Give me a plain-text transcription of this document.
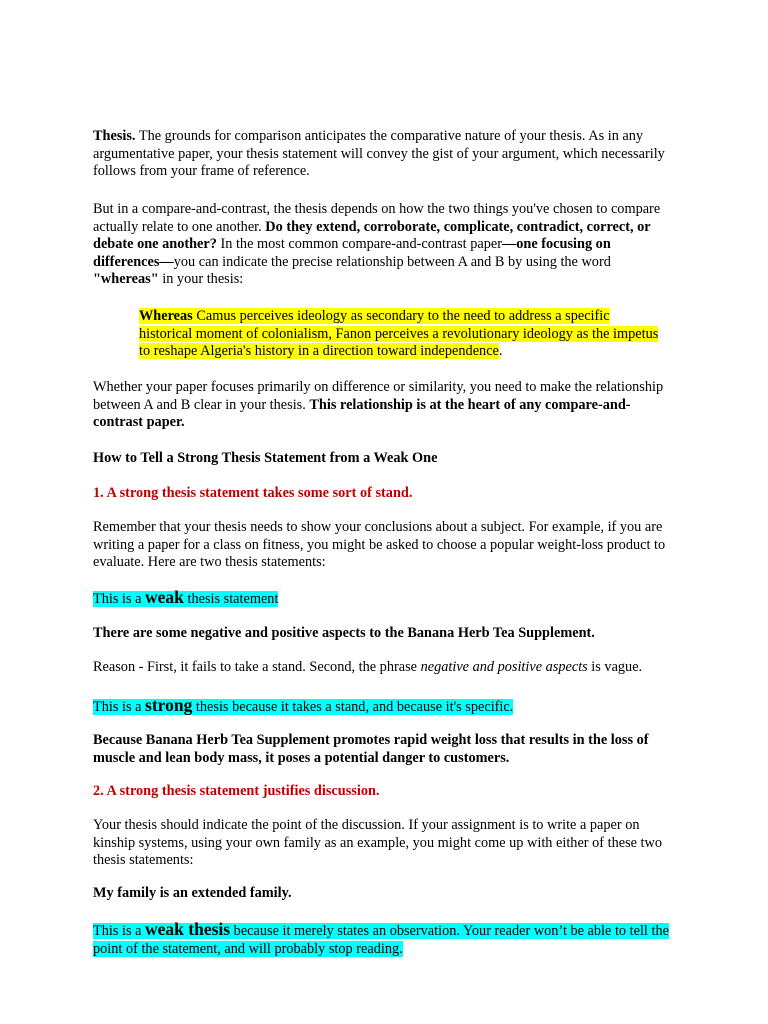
Thesis. The grounds for comparison anticipates the comparative nature of your thesis. As in any argumentative paper, your thesis statement will convey the gist of your argument, which necessarily follows from your frame of reference.

But in a compare-and-contrast, the thesis depends on how the two things you've chosen to compare actually relate to one another. Do they extend, corroborate, complicate, contradict, correct, or debate one another? In the most common compare-and-contrast paper—one focusing on differences—you can indicate the precise relationship between A and B by using the word "whereas" in your thesis:

Whereas Camus perceives ideology as secondary to the need to address a specific historical moment of colonialism, Fanon perceives a revolutionary ideology as the impetus to reshape Algeria's history in a direction toward independence.

Whether your paper focuses primarily on difference or similarity, you need to make the relationship between A and B clear in your thesis. This relationship is at the heart of any compare-and-contrast paper.

How to Tell a Strong Thesis Statement from a Weak One

1. A strong thesis statement takes some sort of stand.

Remember that your thesis needs to show your conclusions about a subject. For example, if you are writing a paper for a class on fitness, you might be asked to choose a popular weight-loss product to evaluate. Here are two thesis statements:

This is a weak thesis statement

There are some negative and positive aspects to the Banana Herb Tea Supplement.

Reason - First, it fails to take a stand. Second, the phrase negative and positive aspects is vague.

This is a strong thesis because it takes a stand, and because it's specific.

Because Banana Herb Tea Supplement promotes rapid weight loss that results in the loss of muscle and lean body mass, it poses a potential danger to customers.

2. A strong thesis statement justifies discussion.

Your thesis should indicate the point of the discussion. If your assignment is to write a paper on kinship systems, using your own family as an example, you might come up with either of these two thesis statements:

My family is an extended family.

This is a weak thesis because it merely states an observation. Your reader won’t be able to tell the point of the statement, and will probably stop reading.
